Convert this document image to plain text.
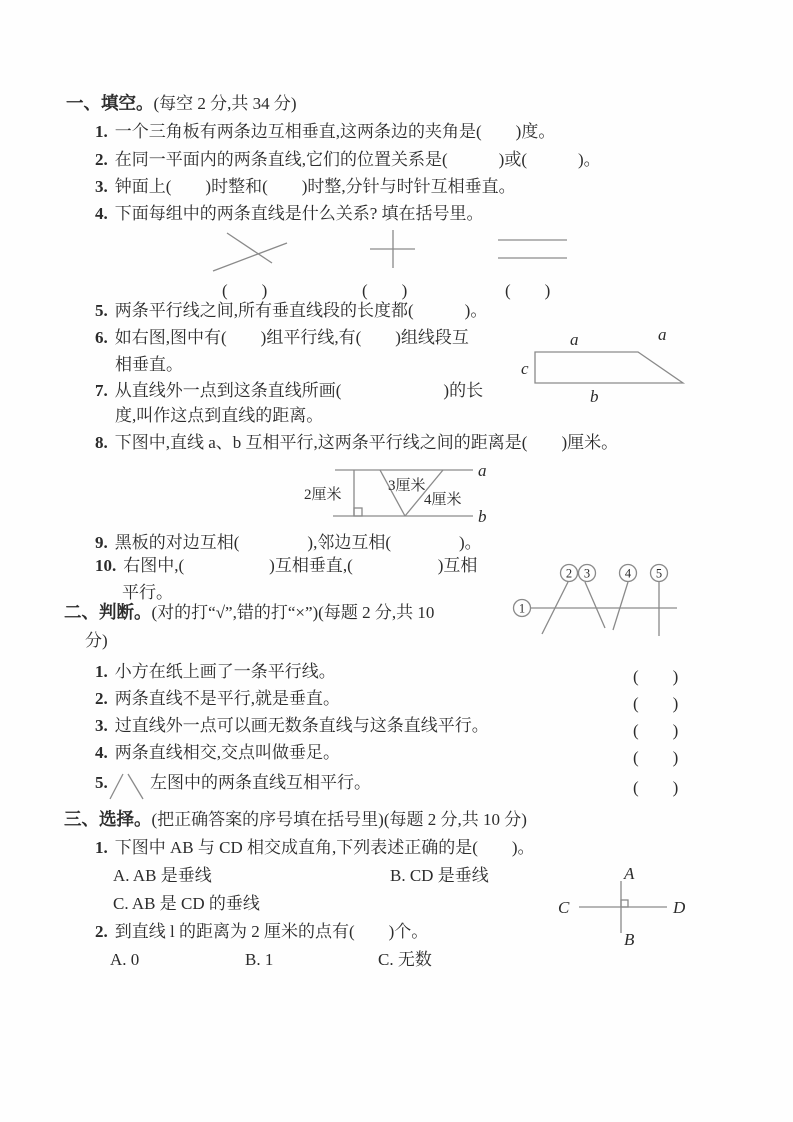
一、填空。(每空 2 分,共 34 分)
1. 一个三角板有两条边互相垂直,这两条边的夹角是(　　)度。
2. 在同一平面内的两条直线,它们的位置关系是(　　　)或(　　　)。
3. 钟面上(　　)时整和(　　)时整,分针与时针互相垂直。
4. 下面每组中的两条直线是什么关系? 填在括号里。
(　　)	(　　)	(　　)
5. 两条平行线之间,所有垂直线段的长度都(　　　)。
6. 如右图,图中有(　　)组平行线,有(　　)组线段互
相垂直。
a	a
c
b
7. 从直线外一点到这条直线所画(　　　　　　)的长
度,叫作这点到直线的距离。
8. 下图中,直线 a、b 互相平行,这两条平行线之间的距离是(　　)厘米。
a
b
2厘米
3厘米
4厘米
9. 黑板的对边互相(　　　　),邻边互相(　　　　)。
10. 右图中,(　　　　　)互相垂直,(　　　　　)互相
平行。
1
2 3	4 5
二、判断。(对的打“√”,错的打“×”)(每题 2 分,共 10
分)
1. 小方在纸上画了一条平行线。	(　　)
2. 两条直线不是平行,就是垂直。	(　　)
3. 过直线外一点可以画无数条直线与这条直线平行。	(　　)
4. 两条直线相交,交点叫做垂足。	(　　)
5.	左图中的两条直线互相平行。	(　　)
三、选择。(把正确答案的序号填在括号里)(每题 2 分,共 10 分)
1. 下图中 AB 与 CD 相交成直角,下列表述正确的是(　　)。
A. AB 是垂线	B. CD 是垂线
C. AB 是 CD 的垂线
A
B
C	D
2. 到直线 l 的距离为 2 厘米的点有(　　)个。
A. 0	B. 1	C. 无数
